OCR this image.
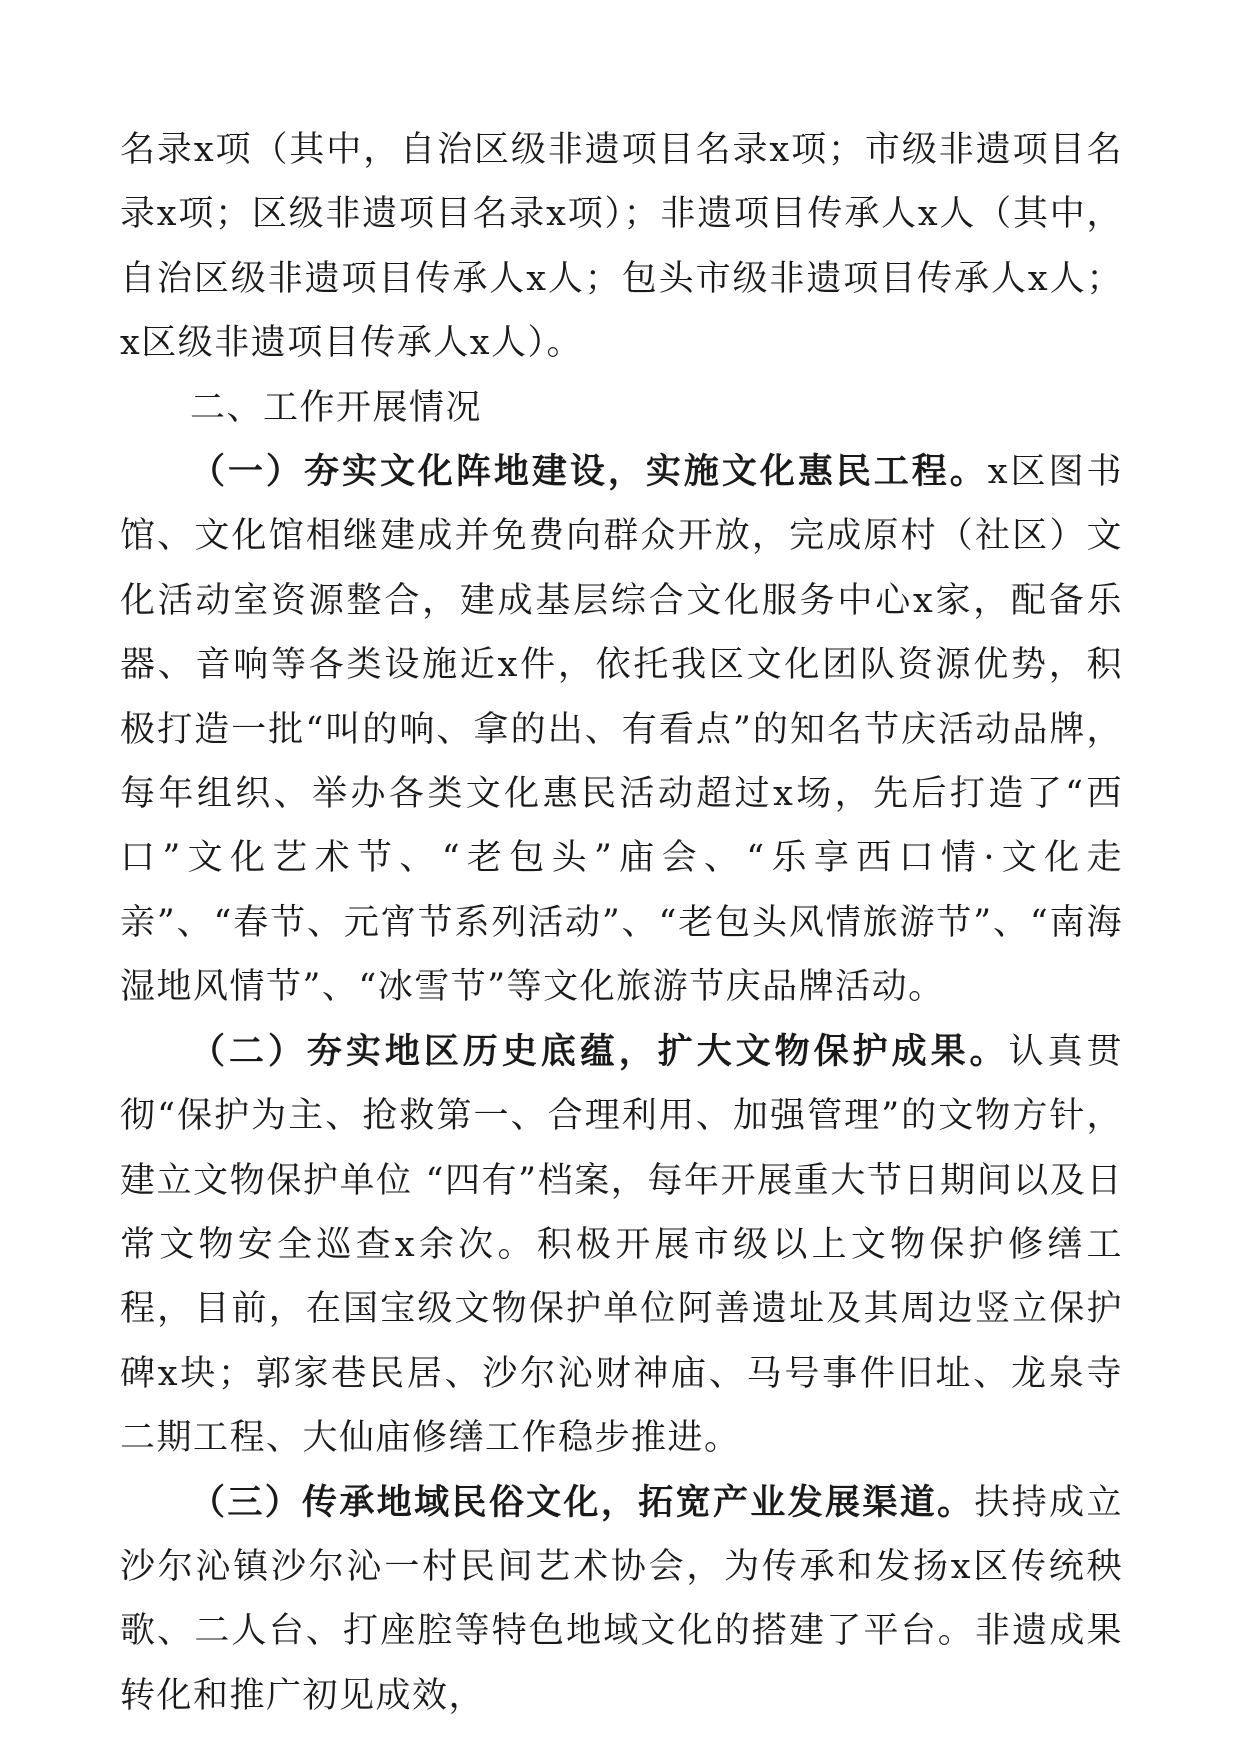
名录x项（其中，自治区级非遗项目名录x项；市级非遗项目名录x项；区级非遗项目名录x项）；非遗项目传承人x人（其中，自治区级非遗项目传承人x人；包头市级非遗项目传承人x人；x区级非遗项目传承人x人）。

二、工作开展情况

（一）夯实文化阵地建设，实施文化惠民工程。x区图书馆、文化馆相继建成并免费向群众开放，完成原村（社区）文化活动室资源整合，建成基层综合文化服务中心x家，配备乐器、音响等各类设施近x件，依托我区文化团队资源优势，积极打造一批“叫的响、拿的出、有看点”的知名节庆活动品牌，每年组织、举办各类文化惠民活动超过x场，先后打造了“西口”文化艺术节、“老包头”庙会、“乐享西口情·文化走亲”、“春节、元宵节系列活动”、“老包头风情旅游节”、“南海湿地风情节”、“冰雪节”等文化旅游节庆品牌活动。

（二）夯实地区历史底蕴，扩大文物保护成果。认真贯彻“保护为主、抢救第一、合理利用、加强管理”的文物方针，建立文物保护单位 “四有”档案，每年开展重大节日期间以及日常文物安全巡查x余次。积极开展市级以上文物保护修缮工程，目前，在国宝级文物保护单位阿善遗址及其周边竖立保护碑x块；郭家巷民居、沙尔沁财神庙、马号事件旧址、龙泉寺二期工程、大仙庙修缮工作稳步推进。

（三）传承地域民俗文化，拓宽产业发展渠道。扶持成立沙尔沁镇沙尔沁一村民间艺术协会，为传承和发扬x区传统秧歌、二人台、打座腔等特色地域文化的搭建了平台。非遗成果转化和推广初见成效，
